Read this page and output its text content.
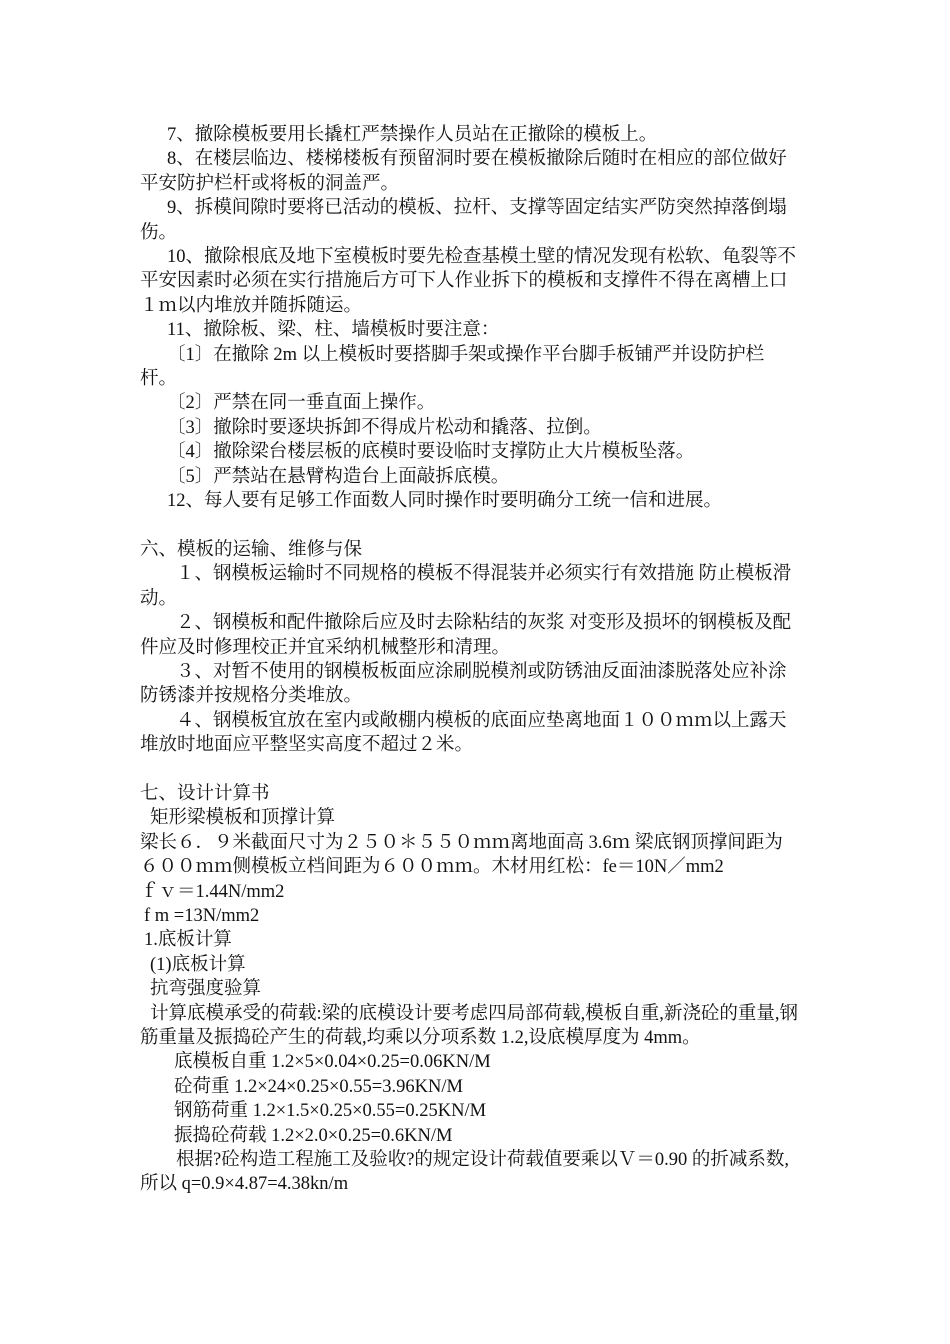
7、撤除模板要用长撬杠严禁操作人员站在正撤除的模板上。

8、在楼层临边、楼梯楼板有预留洞时要在模板撤除后随时在相应的部位做好平安防护栏杆或将板的洞盖严。

9、拆模间隙时要将已活动的模板、拉杆、支撑等固定结实严防突然掉落倒塌伤。

10、撤除根底及地下室模板时要先检查基模土壁的情况发现有松软、龟裂等不平安因素时必须在实行措施后方可下人作业拆下的模板和支撑件不得在离槽上口１ｍ以内堆放并随拆随运。

11、撤除板、梁、柱、墙模板时要注意：

〔1〕在撤除 2m 以上模板时要搭脚手架或操作平台脚手板铺严并设防护栏杆。

〔2〕严禁在同一垂直面上操作。

〔3〕撤除时要逐块拆卸不得成片松动和撬落、拉倒。

〔4〕撤除梁台楼层板的底模时要设临时支撑防止大片模板坠落。

〔5〕严禁站在悬臂构造台上面敲拆底模。

12、每人要有足够工作面数人同时操作时要明确分工统一信和进展。

六、模板的运输、维修与保

１、钢模板运输时不同规格的模板不得混装并必须实行有效措施 防止模板滑动。

２、钢模板和配件撤除后应及时去除粘结的灰浆 对变形及损坏的钢模板及配件应及时修理校正并宜采纳机械整形和清理。

３、对暂不使用的钢模板板面应涂刷脱模剂或防锈油反面油漆脱落处应补涂防锈漆并按规格分类堆放。

４、钢模板宜放在室内或敞棚内模板的底面应垫离地面１００ｍｍ以上露天堆放时地面应平整坚实高度不超过２米。

七、设计计算书

矩形梁模板和顶撑计算

梁长６．９米截面尺寸为２５０＊５５０ｍｍ离地面高 3.6ｍ 梁底钢顶撑间距为６００ｍｍ侧模板立档间距为６００ｍｍ。木材用红松：fe＝10N／mm2

ｆｖ＝1.44N/mm2

f m =13N/mm2

1.底板计算

(1)底板计算

抗弯强度验算

计算底模承受的荷载:梁的底模设计要考虑四局部荷载,模板自重,新浇砼的重量,钢筋重量及振捣砼产生的荷载,均乘以分项系数 1.2,设底模厚度为 4mm。

底模板自重 1.2×5×0.04×0.25=0.06KN/M

砼荷重 1.2×24×0.25×0.55=3.96KN/M

钢筋荷重 1.2×1.5×0.25×0.55=0.25KN/M

振捣砼荷载 1.2×2.0×0.25=0.6KN/M

根据?砼构造工程施工及验收?的规定设计荷载值要乘以Ｖ＝0.90 的折减系数,所以 q=0.9×4.87=4.38kn/m
